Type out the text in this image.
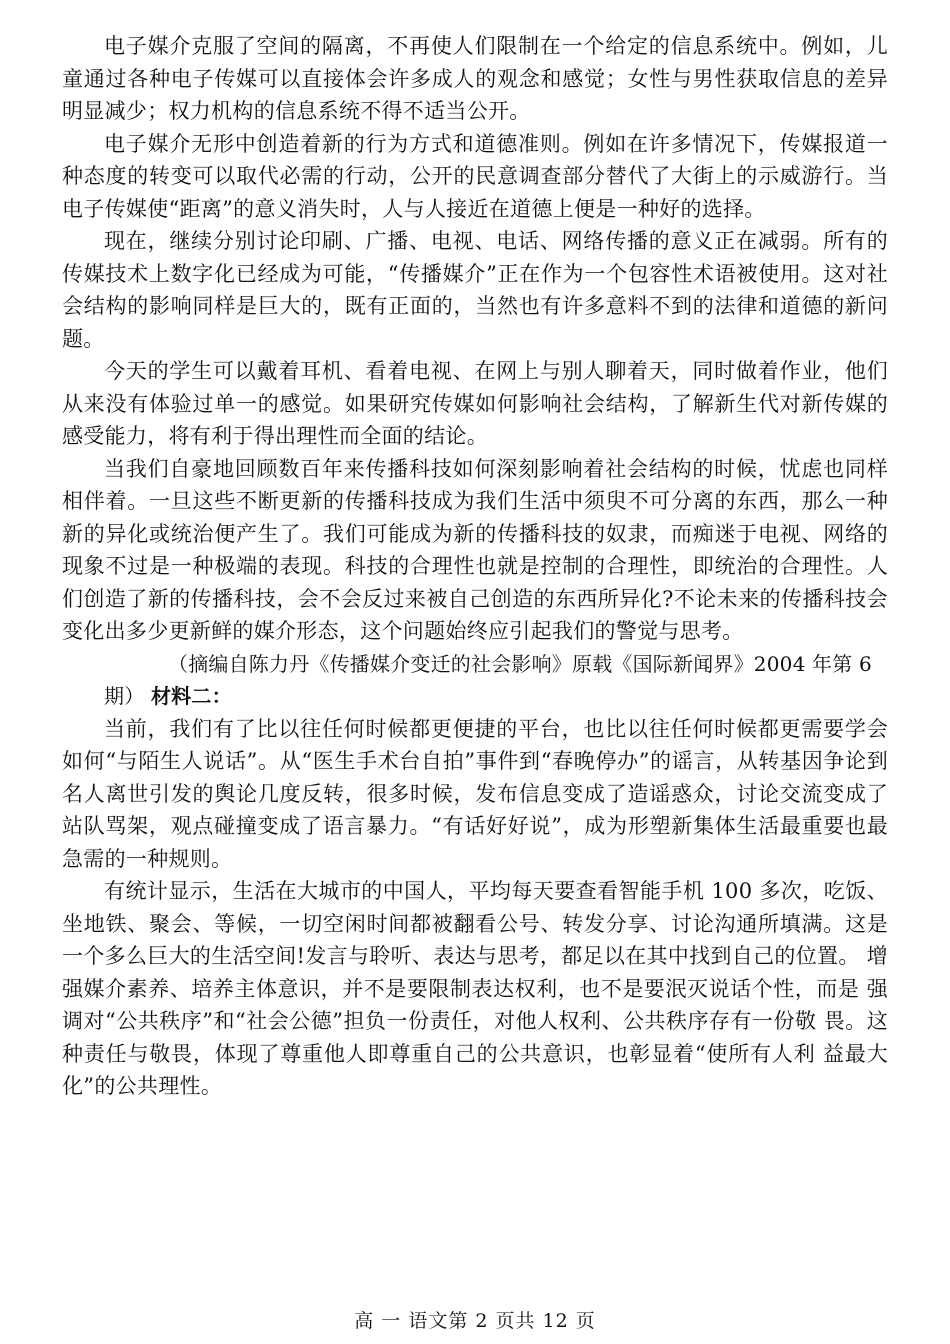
电子媒介克服了空间的隔离，不再使人们限制在一个给定的信息系统中。例如，儿童通过各种电子传媒可以直接体会许多成人的观念和感觉；女性与男性获取信息的差异明显减少；权力机构的信息系统不得不适当公开。

电子媒介无形中创造着新的行为方式和道德准则。例如在许多情况下，传媒报道一种态度的转变可以取代必需的行动，公开的民意调查部分替代了大街上的示威游行。当电子传媒使“距离”的意义消失时，人与人接近在道德上便是一种好的选择。

现在，继续分别讨论印刷、广播、电视、电话、网络传播的意义正在减弱。所有的传媒技术上数字化已经成为可能，“传播媒介”正在作为一个包容性术语被使用。这对社会结构的影响同样是巨大的，既有正面的，当然也有许多意料不到的法律和道德的新问题。

今天的学生可以戴着耳机、看着电视、在网上与别人聊着天，同时做着作业，他们从来没有体验过单一的感觉。如果研究传媒如何影响社会结构，了解新生代对新传媒的感受能力，将有利于得出理性而全面的结论。

当我们自豪地回顾数百年来传播科技如何深刻影响着社会结构的时候，忧虑也同样相伴着。一旦这些不断更新的传播科技成为我们生活中须臾不可分离的东西，那么一种新的异化或统治便产生了。我们可能成为新的传播科技的奴隶，而痴迷于电视、网络的现象不过是一种极端的表现。科技的合理性也就是控制的合理性，即统治的合理性。人们创造了新的传播科技，会不会反过来被自己创造的东西所异化?不论未来的传播科技会变化出多少更新鲜的媒介形态，这个问题始终应引起我们的警觉与思考。

（摘编自陈力丹《传播媒介变迁的社会影响》原载《国际新闻界》2004 年第 6

期） 材料二：

当前，我们有了比以往任何时候都更便捷的平台，也比以往任何时候都更需要学会如何“与陌生人说话”。从“医生手术台自拍”事件到“春晚停办”的谣言，从转基因争论到名人离世引发的舆论几度反转，很多时候，发布信息变成了造谣惑众，讨论交流变成了站队骂架，观点碰撞变成了语言暴力。“有话好好说”，成为形塑新集体生活最重要也最急需的一种规则。

有统计显示，生活在大城市的中国人，平均每天要查看智能手机 100 多次，吃饭、 坐地铁、聚会、等候，一切空闲时间都被翻看公号、转发分享、讨论沟通所填满。这是 一个多么巨大的生活空间!发言与聆听、表达与思考，都足以在其中找到自己的位置。 增强媒介素养、培养主体意识，并不是要限制表达权利，也不是要泯灭说话个性，而是 强调对“公共秩序”和“社会公德”担负一份责任，对他人权利、公共秩序存有一份敬 畏。这种责任与敬畏，体现了尊重他人即尊重自己的公共意识，也彰显着“使所有人利 益最大化”的公共理性。

高 一 语文第 2 页共 12 页
